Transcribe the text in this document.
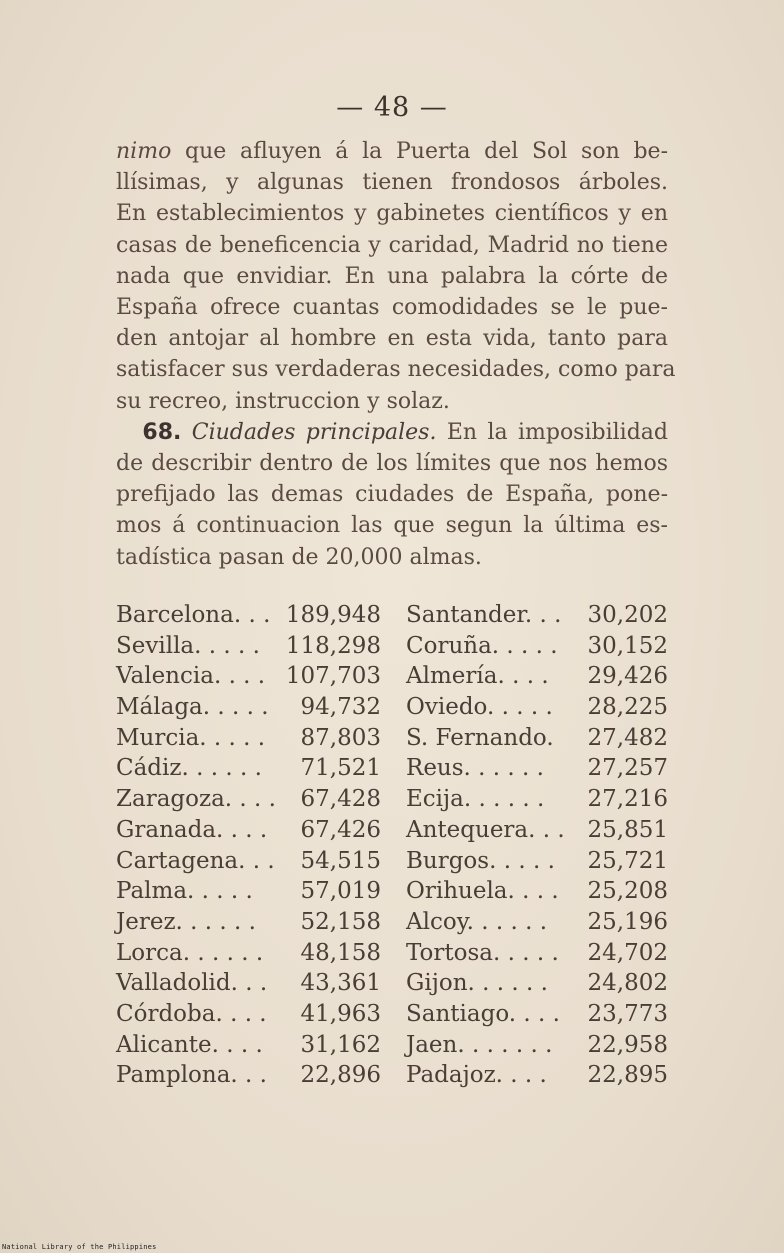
— 48 —
nimo que afluyen á la Puerta del Sol son be-
llísimas, y algunas tienen frondosos árboles.
En establecimientos y gabinetes científicos y en
casas de beneficencia y caridad, Madrid no tiene
nada que envidiar. En una palabra la córte de
España ofrece cuantas comodidades se le pue-
den antojar al hombre en esta vida, tanto para
satisfacer sus verdaderas necesidades, como para
su recreo, instruccion y solaz.
  68. Ciudades principales. En la imposibilidad
de describir dentro de los límites que nos hemos
prefijado las demas ciudades de España, pone-
mos á continuacion las que segun la última es-
tadística pasan de 20,000 almas.
Barcelona. . . 189,948 Santander. . . 30,202
Sevilla. . . . . 118,298 Coruña. . . . . 30,152
Valencia. . . . 107,703 Almería. . . . 29,426
Málaga. . . . . 94,732 Oviedo. . . . . 28,225
Murcia. . . . . 87,803 S. Fernando. 27,482
Cádiz. . . . . . 71,521 Reus. . . . . . 27,257
Zaragoza. . . . 67,428 Ecija. . . . . . 27,216
Granada. . . . 67,426 Antequera. . . 25,851
Cartagena. . . 54,515 Burgos. . . . . 25,721
Palma. . . . . 57,019 Orihuela. . . . 25,208
Jerez. . . . . . 52,158 Alcoy. . . . . . 25,196
Lorca. . . . . . 48,158 Tortosa. . . . . 24,702
Valladolid. . . 43,361 Gijon. . . . . . 24,802
Córdoba. . . . 41,963 Santiago. . . . 23,773
Alicante. . . . 31,162 Jaen. . . . . . . 22,958
Pamplona. . . 22,896 Padajoz. . . . 22,895
National Library of the Philippines
